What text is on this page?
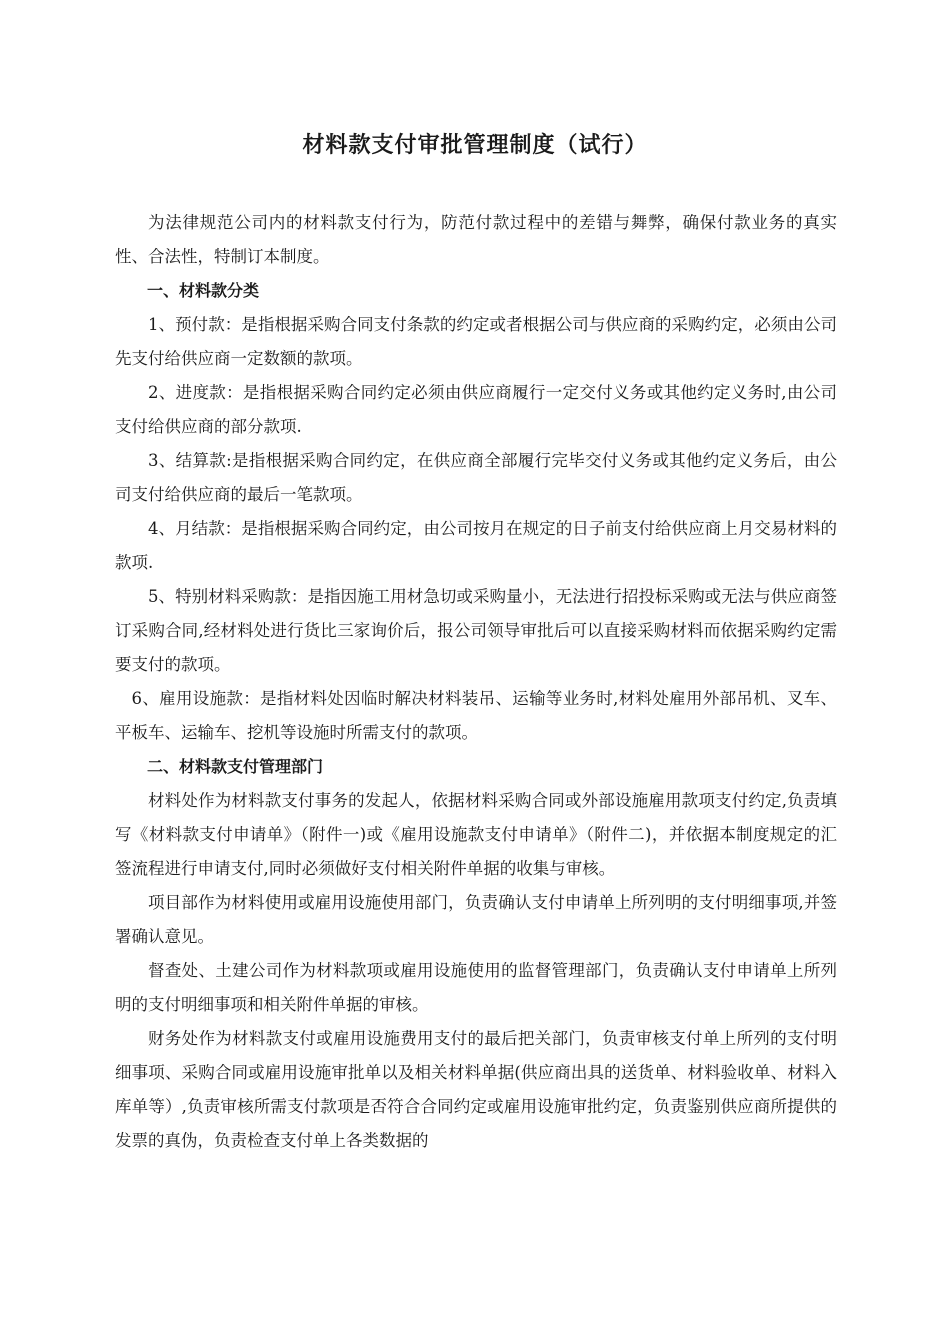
材料款支付审批管理制度（试行）

为法律规范公司内的材料款支付行为，防范付款过程中的差错与舞弊，确保付款业务的真实性、合法性，特制订本制度。

一、材料款分类

1、预付款：是指根据采购合同支付条款的约定或者根据公司与供应商的采购约定，必须由公司先支付给供应商一定数额的款项。

2、进度款：是指根据采购合同约定必须由供应商履行一定交付义务或其他约定义务时,由公司支付给供应商的部分款项.

3、结算款:是指根据采购合同约定，在供应商全部履行完毕交付义务或其他约定义务后，由公司支付给供应商的最后一笔款项。

4、月结款：是指根据采购合同约定，由公司按月在规定的日子前支付给供应商上月交易材料的款项.

5、特别材料采购款：是指因施工用材急切或采购量小，无法进行招投标采购或无法与供应商签订采购合同,经材料处进行货比三家询价后，报公司领导审批后可以直接采购材料而依据采购约定需要支付的款项。

6、雇用设施款：是指材料处因临时解决材料装吊、运输等业务时,材料处雇用外部吊机、叉车、平板车、运输车、挖机等设施时所需支付的款项。

二、材料款支付管理部门

材料处作为材料款支付事务的发起人，依据材料采购合同或外部设施雇用款项支付约定,负责填写《材料款支付申请单》（附件一)或《雇用设施款支付申请单》（附件二)，并依据本制度规定的汇签流程进行申请支付,同时必须做好支付相关附件单据的收集与审核。

项目部作为材料使用或雇用设施使用部门，负责确认支付申请单上所列明的支付明细事项,并签署确认意见。

督查处、土建公司作为材料款项或雇用设施使用的监督管理部门，负责确认支付申请单上所列明的支付明细事项和相关附件单据的审核。

财务处作为材料款支付或雇用设施费用支付的最后把关部门，负责审核支付单上所列的支付明细事项、采购合同或雇用设施审批单以及相关材料单据(供应商出具的送货单、材料验收单、材料入库单等）,负责审核所需支付款项是否符合合同约定或雇用设施审批约定，负责鉴别供应商所提供的发票的真伪，负责检查支付单上各类数据的
